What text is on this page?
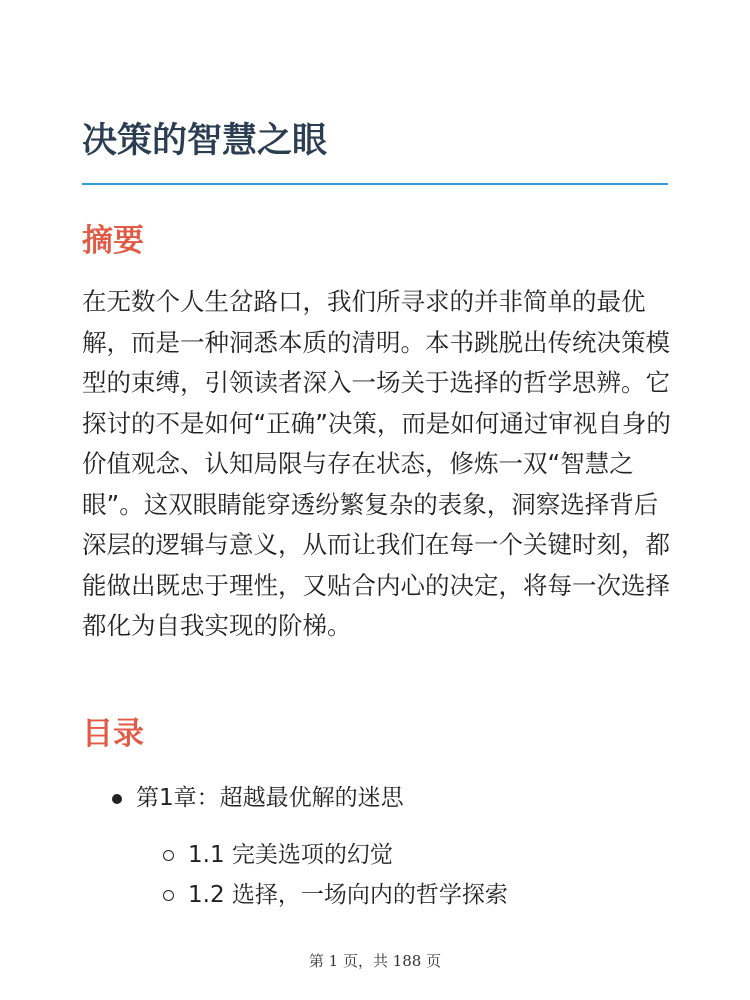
决策的智慧之眼
摘要

在无数个人生岔路口，我们所寻求的并非简单的最优解，而是一种洞悉本质的清明。本书跳脱出传统决策模型的束缚，引领读者深入一场关于选择的哲学思辨。它探讨的不是如何“正确”决策，而是如何通过审视自身的价值观念、认知局限与存在状态，修炼一双“智慧之眼”。这双眼睛能穿透纷繁复杂的表象，洞察选择背后深层的逻辑与意义，从而让我们在每一个关键时刻，都能做出既忠于理性，又贴合内心的决定，将每一次选择都化为自我实现的阶梯。

目录
第1章：超越最优解的迷思
1.1 完美选项的幻觉
1.2 选择，一场向内的哲学探索
第 1 页，共 188 页
